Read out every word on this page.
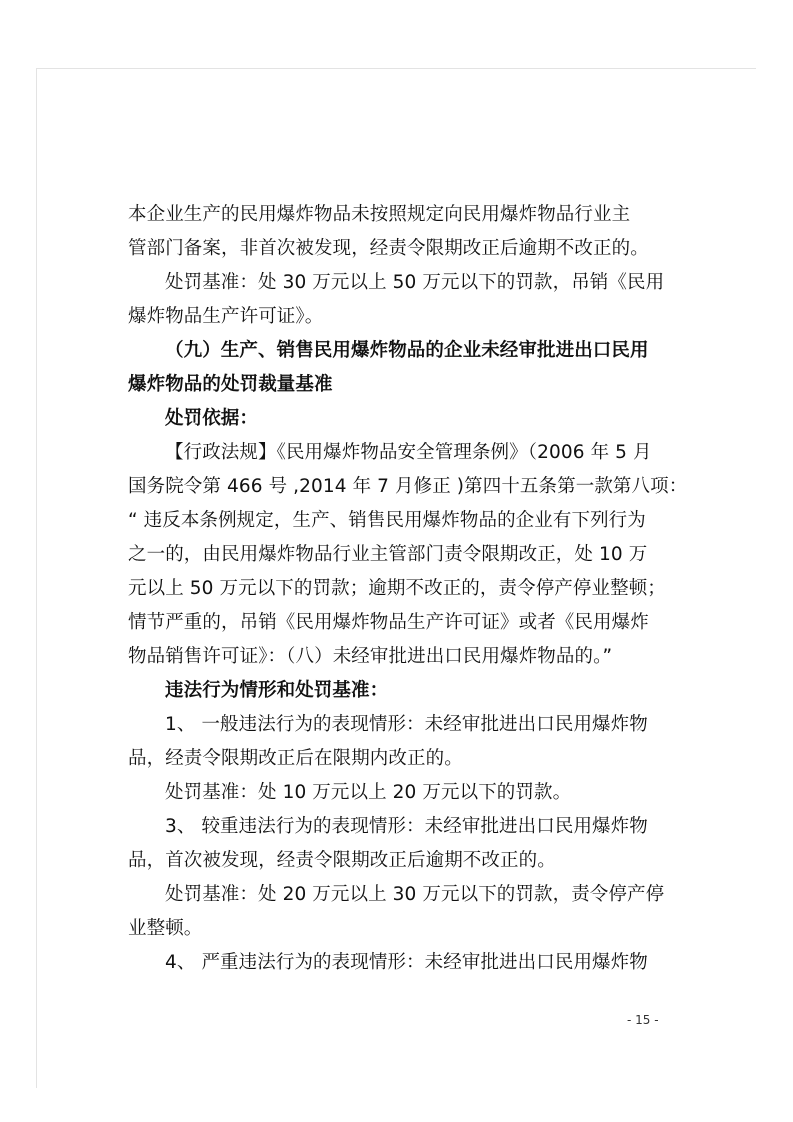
本企业生产的民用爆炸物品未按照规定向民用爆炸物品行业主
管部门备案，非首次被发现，经责令限期改正后逾期不改正的。
处罚基准：处 30 万元以上 50 万元以下的罚款，吊销《民用
爆炸物品生产许可证》。
（九）生产、销售民用爆炸物品的企业未经审批进出口民用
爆炸物品的处罚裁量基准
处罚依据：
【行政法规】《民用爆炸物品安全管理条例》（2006 年 5 月
国务院令第 466 号 ,2014 年 7 月修正 )第四十五条第一款第八项：
“ 违反本条例规定，生产、销售民用爆炸物品的企业有下列行为
之一的，由民用爆炸物品行业主管部门责令限期改正，处 10 万
元以上 50 万元以下的罚款；逾期不改正的，责令停产停业整顿；
情节严重的，吊销《民用爆炸物品生产许可证》或者《民用爆炸
物品销售许可证》：（八）未经审批进出口民用爆炸物品的。”
违法行为情形和处罚基准：
1、 一般违法行为的表现情形：未经审批进出口民用爆炸物
品，经责令限期改正后在限期内改正的。
处罚基准：处 10 万元以上 20 万元以下的罚款。
3、 较重违法行为的表现情形：未经审批进出口民用爆炸物
品，首次被发现，经责令限期改正后逾期不改正的。
处罚基准：处 20 万元以上 30 万元以下的罚款，责令停产停
业整顿。
4、 严重违法行为的表现情形：未经审批进出口民用爆炸物
- 15 -
